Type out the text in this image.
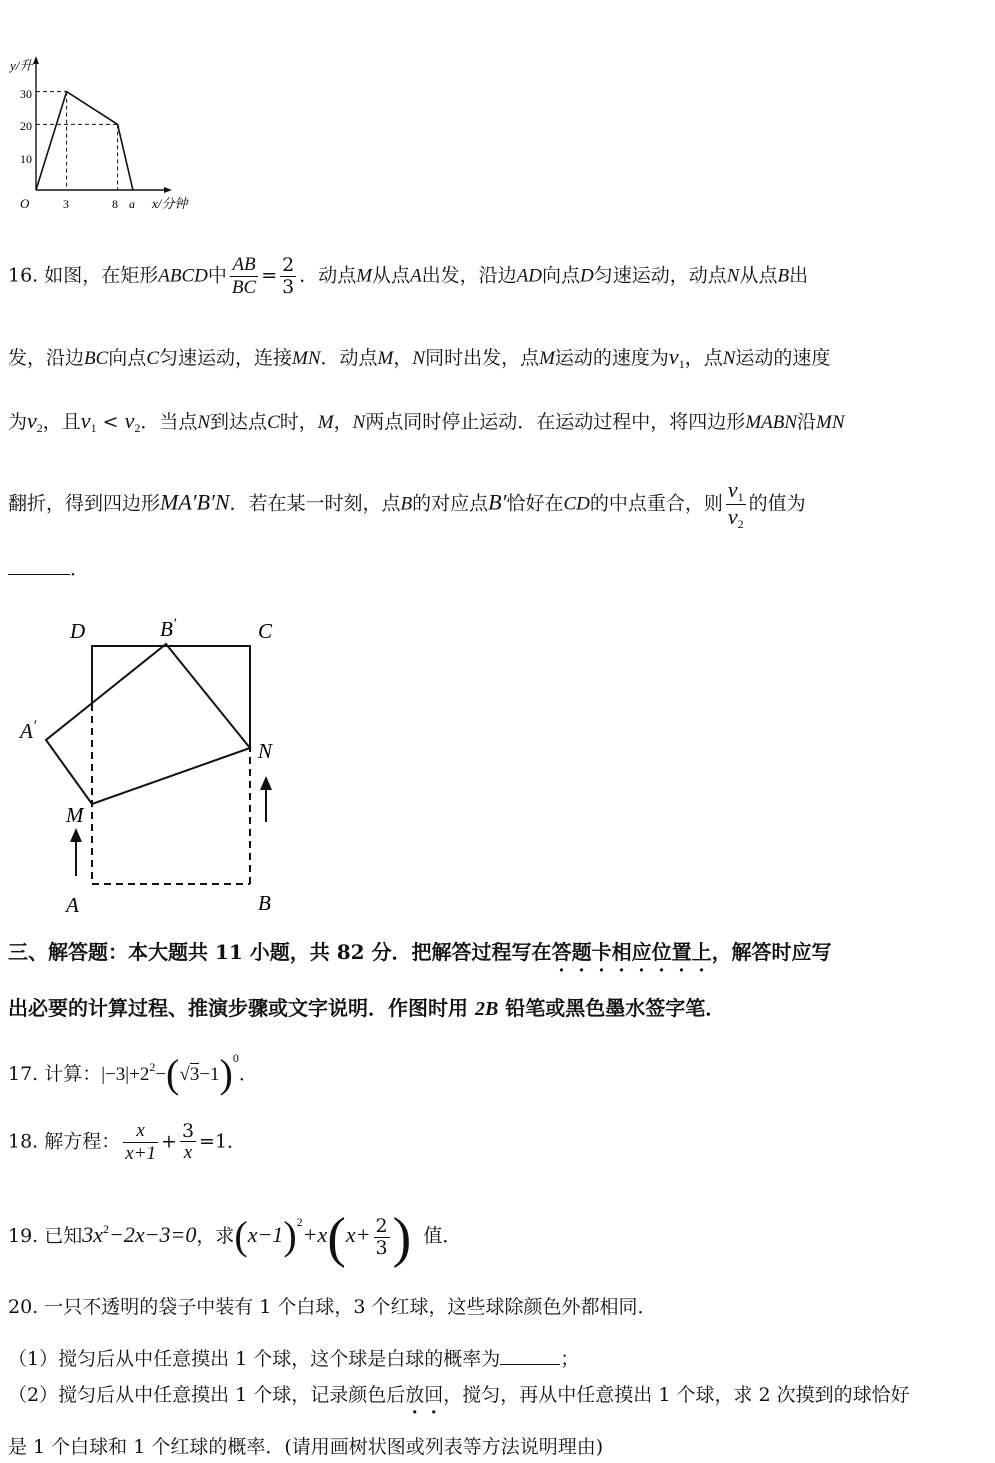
y/升
x/分钟
O
10
20
30
3	8 a
16. 如图，在矩形ABCD中 $\frac{AB}{BC} = \frac{2}{3}$ ．动点M从点A出发，沿边AD向点D匀速运动，动点N从点B出
发，沿边BC向点C匀速运动，连接MN．动点M，N同时出发，点M运动的速度为$v_1$，点N运动的速度
为$v_2$，且$v_1 < v_2$．当点N到达点C时，M，N两点同时停止运动．在运动过程中，将四边形MABN沿MN
翻折，得到四边形MA′B′N．若在某一时刻，点B的对应点B′恰好在CD的中点重合，则 $\frac{v_1}{v_2}$ 的值为
．
D	B′	C
A′
N
M
A	B
三、解答题：本大题共 11 小题，共 82 分．把解答过程写在答题卡相应位置上，解答时应写
出必要的计算过程、推演步骤或文字说明．作图时用 2B 铅笔或黑色墨水签字笔．
17. 计算：$|-3|+2^2-(√3-1)^0$．
18. 解方程： $\frac{x}{x+1} + \frac{3}{x} =1$．
19. 已知$3x^2-2x-3=0$，求$(x-1)^2+x(x+ \frac{2}{3}$ ) 值．
20. 一只不透明的袋子中装有 1 个白球，3 个红球，这些球除颜色外都相同．
（1）搅匀后从中任意摸出 1 个球，这个球是白球的概率为	；
（2）搅匀后从中任意摸出 1 个球，记录颜色后放回，搅匀，再从中任意摸出 1 个球，求 2 次摸到的球恰好
是 1 个白球和 1 个红球的概率．(请用画树状图或列表等方法说明理由)
